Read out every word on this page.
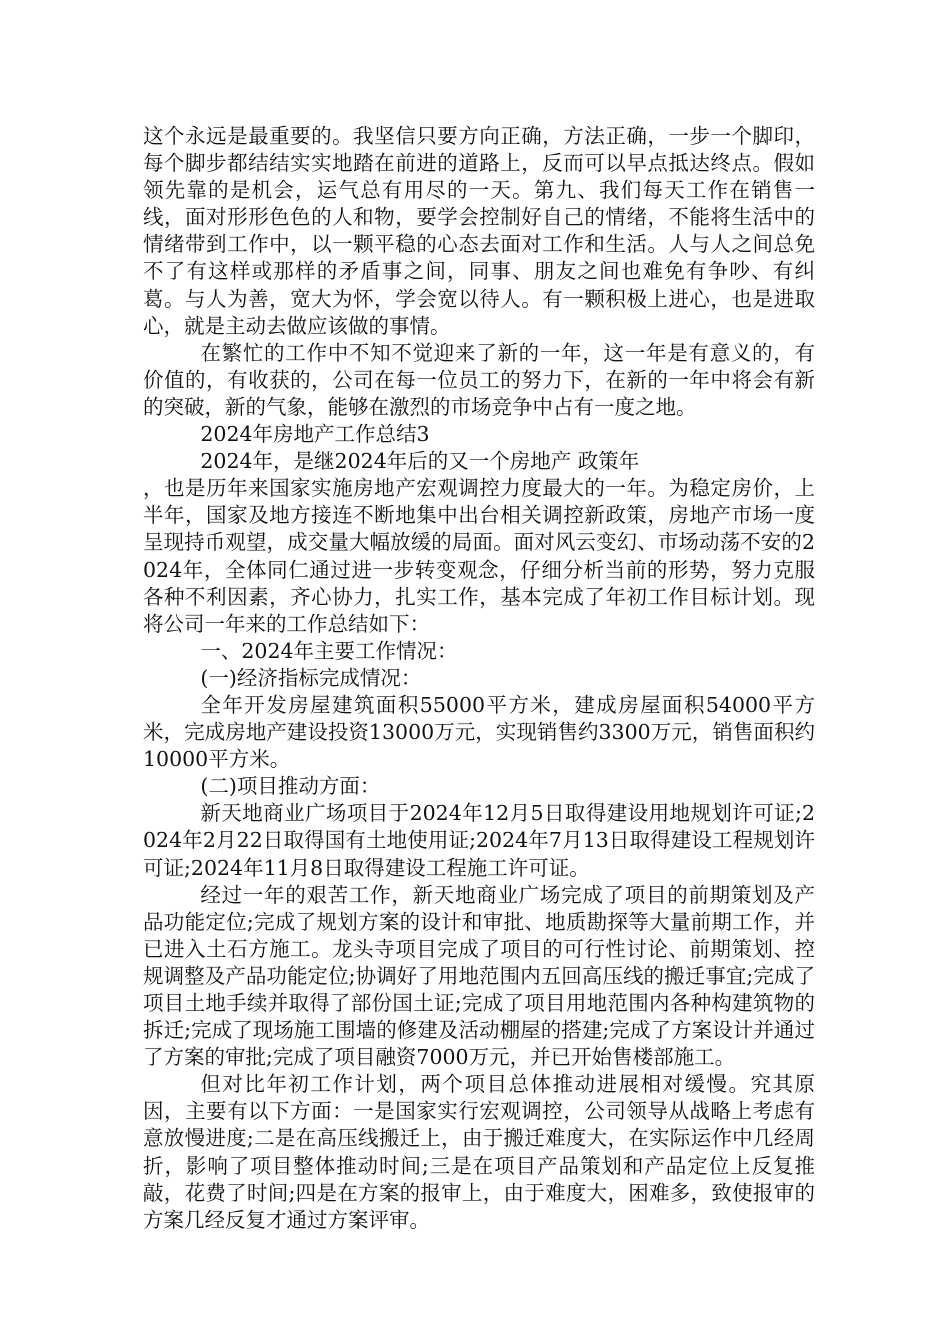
这个永远是最重要的。我坚信只要方向正确，方法正确，一步一个脚印，每个脚步都结结实实地踏在前进的道路上，反而可以早点抵达终点。假如领先靠的是机会，运气总有用尽的一天。第九、我们每天工作在销售一线，面对形形色色的人和物，要学会控制好自己的情绪，不能将生活中的情绪带到工作中，以一颗平稳的心态去面对工作和生活。人与人之间总免不了有这样或那样的矛盾事之间，同事、朋友之间也难免有争吵、有纠葛。与人为善，宽大为怀，学会宽以待人。有一颗积极上进心，也是进取心，就是主动去做应该做的事情。

在繁忙的工作中不知不觉迎来了新的一年，这一年是有意义的，有价值的，有收获的，公司在每一位员工的努力下，在新的一年中将会有新的突破，新的气象，能够在激烈的市场竞争中占有一度之地。

2024年房地产工作总结3

2024年，是继2024年后的又一个房地产 政策年

，也是历年来国家实施房地产宏观调控力度最大的一年。为稳定房价，上半年，国家及地方接连不断地集中出台相关调控新政策，房地产市场一度呈现持币观望，成交量大幅放缓的局面。面对风云变幻、市场动荡不安的2024年，全体同仁通过进一步转变观念，仔细分析当前的形势，努力克服各种不利因素，齐心协力，扎实工作，基本完成了年初工作目标计划。现将公司一年来的工作总结如下：

一、2024年主要工作情况：

(一)经济指标完成情况：

全年开发房屋建筑面积55000平方米，建成房屋面积54000平方米，完成房地产建设投资13000万元，实现销售约3300万元，销售面积约10000平方米。

(二)项目推动方面：

新天地商业广场项目于2024年12月5日取得建设用地规划许可证;2024年2月22日取得国有土地使用证;2024年7月13日取得建设工程规划许可证;2024年11月8日取得建设工程施工许可证。

经过一年的艰苦工作，新天地商业广场完成了项目的前期策划及产品功能定位;完成了规划方案的设计和审批、地质勘探等大量前期工作，并已进入土石方施工。龙头寺项目完成了项目的可行性讨论、前期策划、控规调整及产品功能定位;协调好了用地范围内五回高压线的搬迁事宜;完成了项目土地手续并取得了部份国土证;完成了项目用地范围内各种构建筑物的拆迁;完成了现场施工围墙的修建及活动棚屋的搭建;完成了方案设计并通过了方案的审批;完成了项目融资7000万元，并已开始售楼部施工。

但对比年初工作计划，两个项目总体推动进展相对缓慢。究其原因，主要有以下方面：一是国家实行宏观调控，公司领导从战略上考虑有意放慢进度;二是在高压线搬迁上，由于搬迁难度大，在实际运作中几经周折，影响了项目整体推动时间;三是在项目产品策划和产品定位上反复推敲，花费了时间;四是在方案的报审上，由于难度大，困难多，致使报审的方案几经反复才通过方案评审。
